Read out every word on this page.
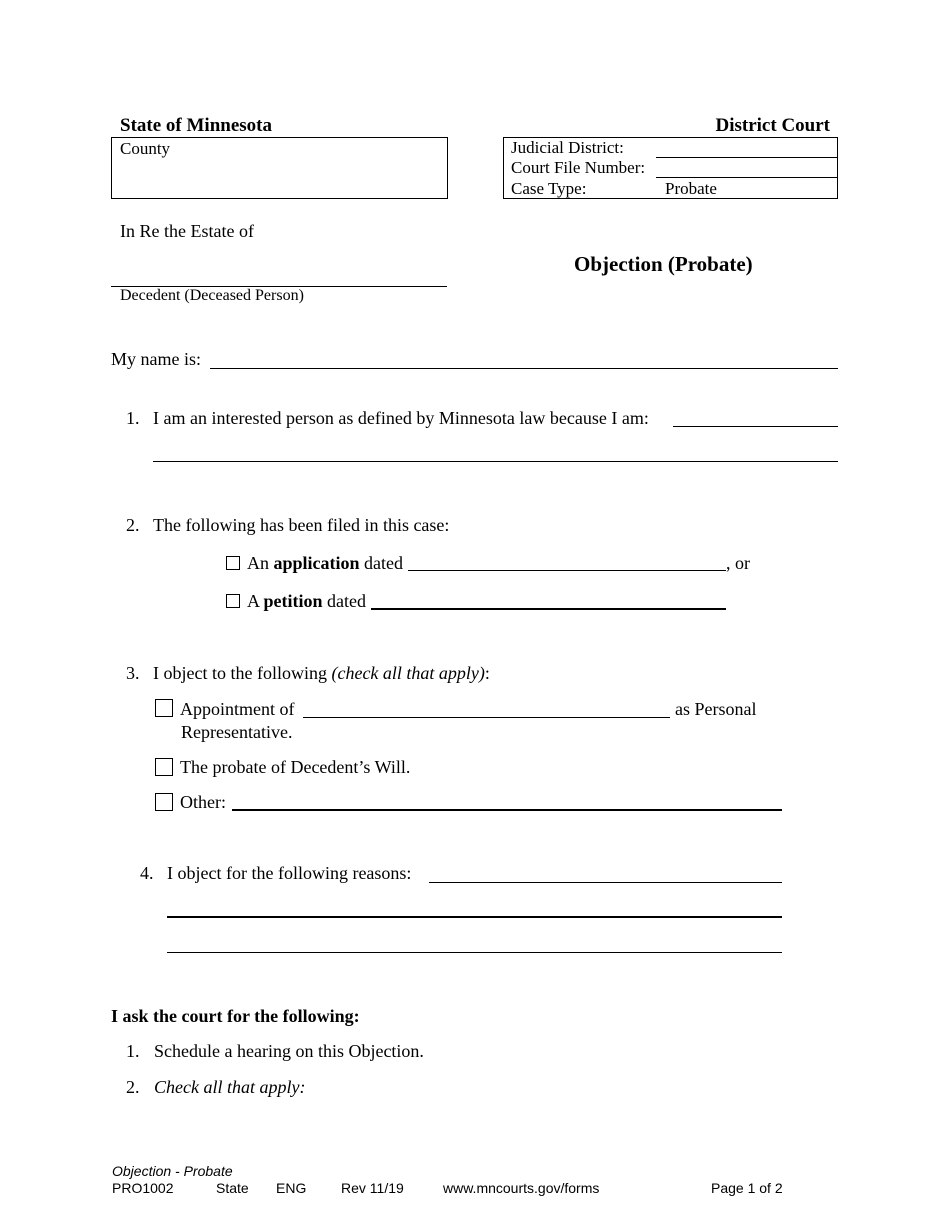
State of Minnesota	District Court
County	Judicial District:
Court File Number:
Case Type:	Probate
In Re the Estate of
Decedent (Deceased Person)
Objection (Probate)
My name is:
1. I am an interested person as defined by Minnesota law because I am:
2. The following has been filed in this case:
An application dated	, or
A petition dated
3. I object to the following (check all that apply):
Appointment of	as Personal
Representative.
The probate of Decedent’s Will.
Other:
4. I object for the following reasons:
I ask the court for the following:
1. Schedule a hearing on this Objection.
2. Check all that apply:
Objection - Probate
PRO1002	State ENG Rev 11/19	www.mncourts.gov/forms	Page 1 of 2
